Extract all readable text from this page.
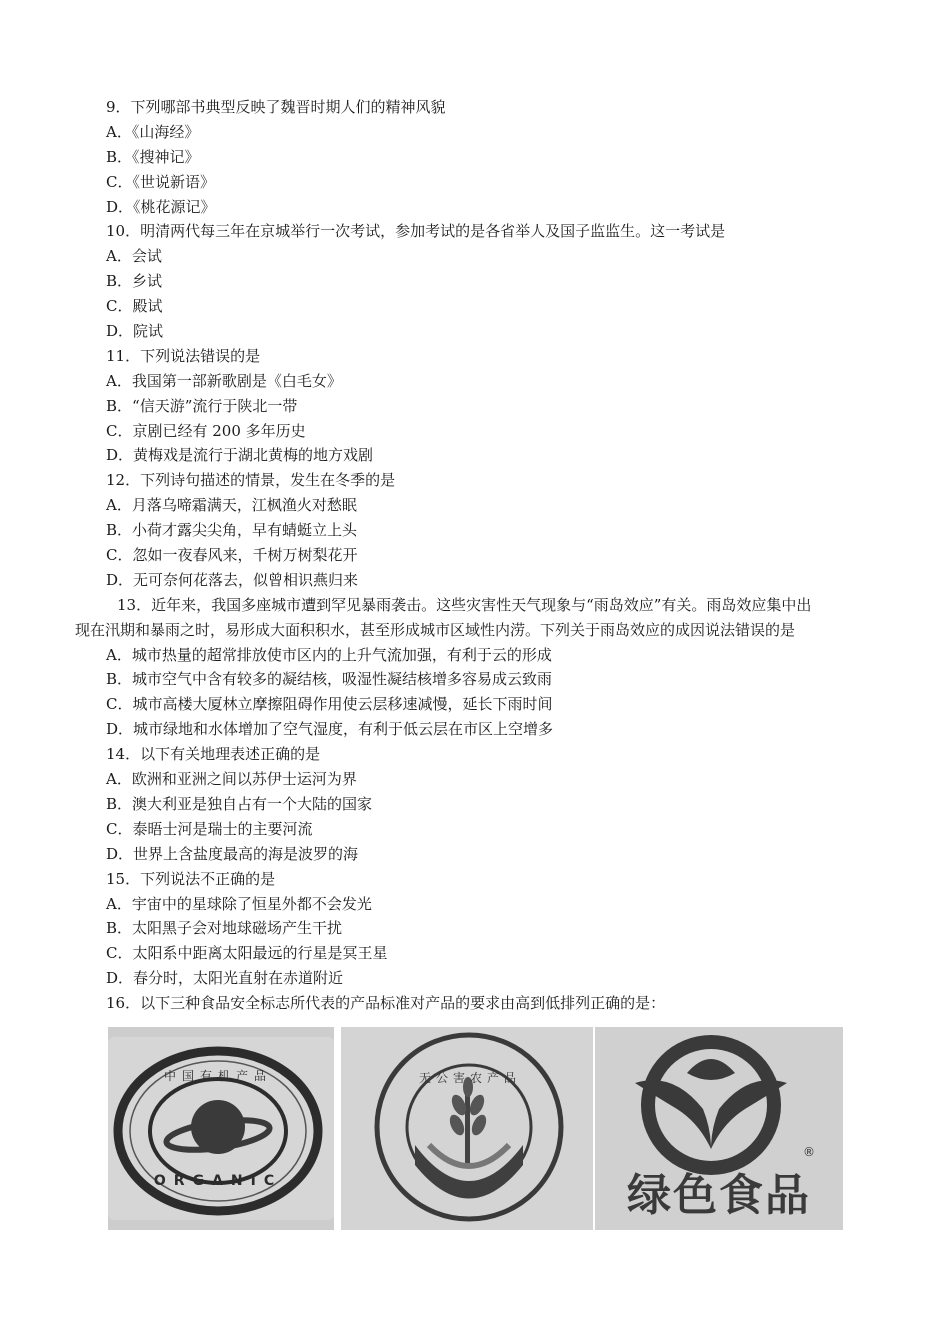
9．下列哪部书典型反映了魏晋时期人们的精神风貌
A．《山海经》
B．《搜神记》
C．《世说新语》
D．《桃花源记》
10．明清两代每三年在京城举行一次考试，参加考试的是各省举人及国子监监生。这一考试是
A．会试
B．乡试
C．殿试
D．院试
11．下列说法错误的是
A．我国第一部新歌剧是《白毛女》
B．“信天游”流行于陕北一带
C．京剧已经有 200 多年历史
D．黄梅戏是流行于湖北黄梅的地方戏剧
12．下列诗句描述的情景，发生在冬季的是
A．月落乌啼霜满天，江枫渔火对愁眠
B．小荷才露尖尖角，早有蜻蜓立上头
C．忽如一夜春风来，千树万树梨花开
D．无可奈何花落去，似曾相识燕归来
13．近年来，我国多座城市遭到罕见暴雨袭击。这些灾害性天气现象与“雨岛效应”有关。雨岛效应集中出
现在汛期和暴雨之时，易形成大面积积水，甚至形成城市区域性内涝。下列关于雨岛效应的成因说法错误的是
A．城市热量的超常排放使市区内的上升气流加强，有利于云的形成
B．城市空气中含有较多的凝结核，吸湿性凝结核增多容易成云致雨
C．城市高楼大厦林立摩擦阻碍作用使云层移速减慢，延长下雨时间
D．城市绿地和水体增加了空气湿度，有利于低云层在市区上空增多
14．以下有关地理表述正确的是
A．欧洲和亚洲之间以苏伊士运河为界
B．澳大利亚是独自占有一个大陆的国家
C．泰晤士河是瑞士的主要河流
D．世界上含盐度最高的海是波罗的海
15．下列说法不正确的是
A．宇宙中的星球除了恒星外都不会发光
B．太阳黑子会对地球磁场产生干扰
C．太阳系中距离太阳最远的行星是冥王星
D．春分时，太阳光直射在赤道附近
16．以下三种食品安全标志所代表的产品标准对产品的要求由高到低排列正确的是：
中国有机产品
ORGANIC
无公害农产品
®
绿色食品
